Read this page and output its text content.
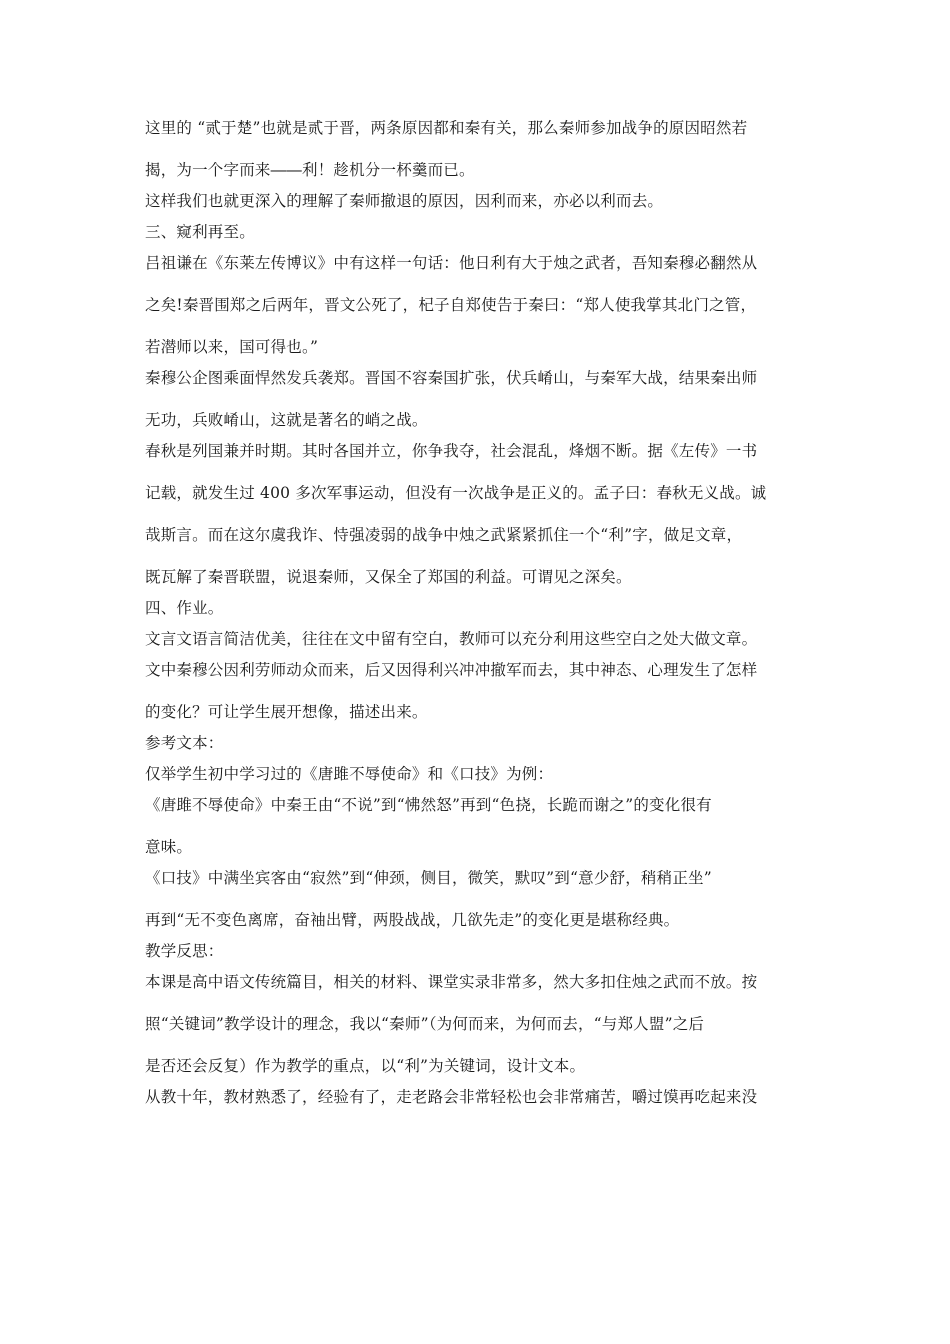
这里的 “贰于楚”也就是贰于晋，两条原因都和秦有关，那么秦师参加战争的原因昭然若
揭，为一个字而来――利！趁机分一杯羹而已。

这样我们也就更深入的理解了秦师撤退的原因，因利而来，亦必以利而去。

三、窥利再至。

吕祖谦在《东莱左传博议》中有这样一句话：他日利有大于烛之武者，吾知秦穆必翻然从
之矣!秦晋围郑之后两年，晋文公死了，杞子自郑使告于秦曰：“郑人使我掌其北门之管，
若潜师以来，国可得也。”

秦穆公企图乘面悍然发兵袭郑。晋国不容秦国扩张，伏兵崤山，与秦军大战，结果秦出师
无功，兵败崤山，这就是著名的峭之战。

春秋是列国兼并时期。其时各国并立，你争我夺，社会混乱，烽烟不断。据《左传》一书
记载，就发生过 400 多次军事运动，但没有一次战争是正义的。孟子曰：春秋无义战。诚
哉斯言。而在这尔虞我诈、恃强凌弱的战争中烛之武紧紧抓住一个“利”字，做足文章，
既瓦解了秦晋联盟，说退秦师，又保全了郑国的利益。可谓见之深矣。

四、作业。

文言文语言简洁优美，往往在文中留有空白，教师可以充分利用这些空白之处大做文章。

文中秦穆公因利劳师动众而来，后又因得利兴冲冲撤军而去，其中神态、心理发生了怎样
的变化？可让学生展开想像，描述出来。

参考文本：

仅举学生初中学习过的《唐雎不辱使命》和《口技》为例：

《唐雎不辱使命》中秦王由“不说”到“怫然怒”再到“色挠，长跪而谢之”的变化很有
意味。

《口技》中满坐宾客由“寂然”到“伸颈，侧目，微笑，默叹”到“意少舒，稍稍正坐”
再到“无不变色离席，奋袖出臂，两股战战，几欲先走”的变化更是堪称经典。

教学反思：

本课是高中语文传统篇目，相关的材料、课堂实录非常多，然大多扣住烛之武而不放。按
照“关键词”教学设计的理念，我以“秦师”（为何而来，为何而去，“与郑人盟”之后
是否还会反复）作为教学的重点，以“利”为关键词，设计文本。

从教十年，教材熟悉了，经验有了，走老路会非常轻松也会非常痛苦，嚼过馍再吃起来没
